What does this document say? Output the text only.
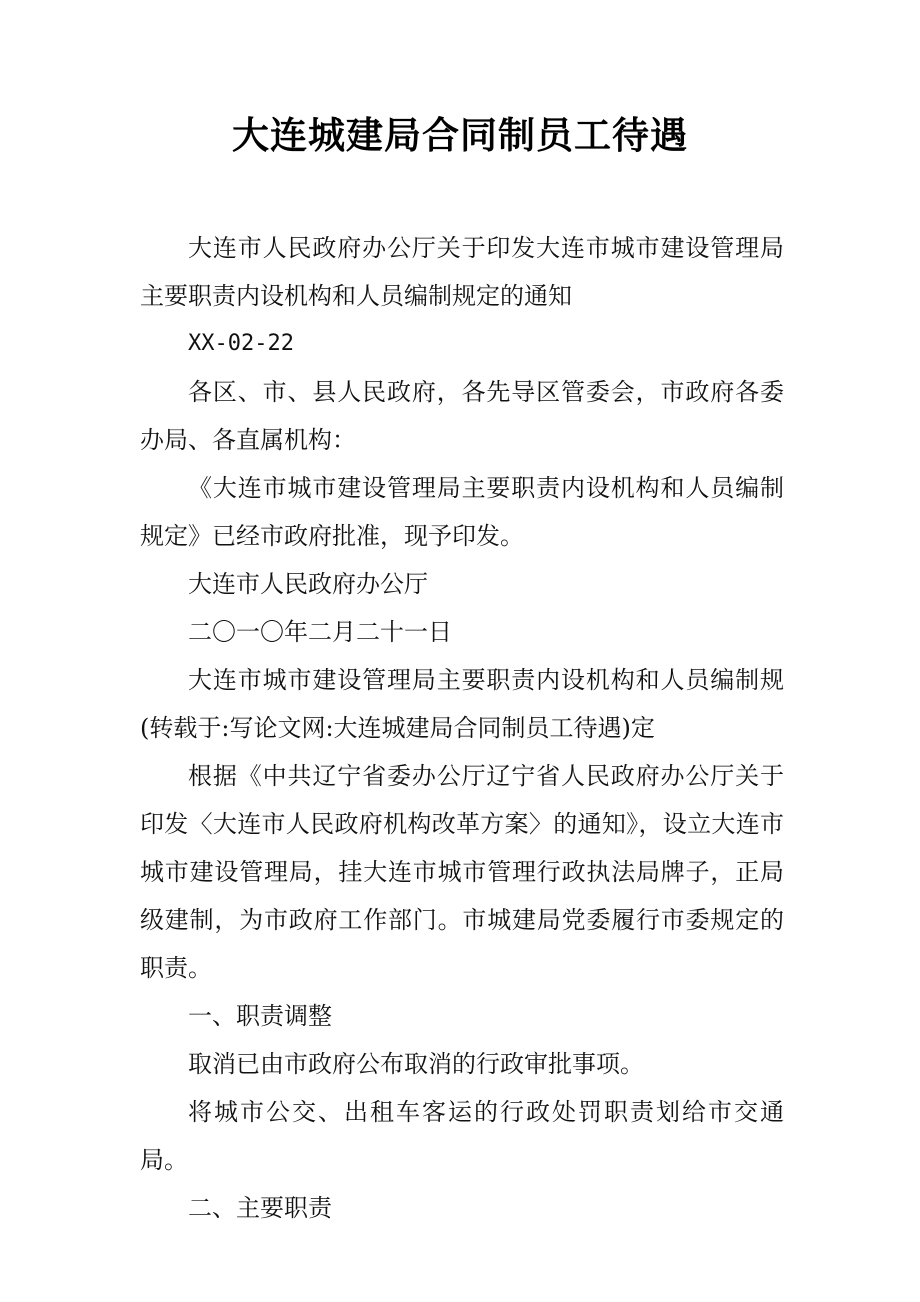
大连城建局合同制员工待遇

大连市人民政府办公厅关于印发大连市城市建设管理局主要职责内设机构和人员编制规定的通知

XX-02-22

各区、市、县人民政府，各先导区管委会，市政府各委办局、各直属机构：

《大连市城市建设管理局主要职责内设机构和人员编制规定》已经市政府批准，现予印发。

大连市人民政府办公厅

二〇一〇年二月二十一日

大连市城市建设管理局主要职责内设机构和人员编制规(转载于:写论文网:大连城建局合同制员工待遇)定

根据《中共辽宁省委办公厅辽宁省人民政府办公厅关于印发〈大连市人民政府机构改革方案〉的通知》，设立大连市城市建设管理局，挂大连市城市管理行政执法局牌子，正局级建制，为市政府工作部门。市城建局党委履行市委规定的职责。

一、职责调整

取消已由市政府公布取消的行政审批事项。

将城市公交、出租车客运的行政处罚职责划给市交通局。

二、主要职责
